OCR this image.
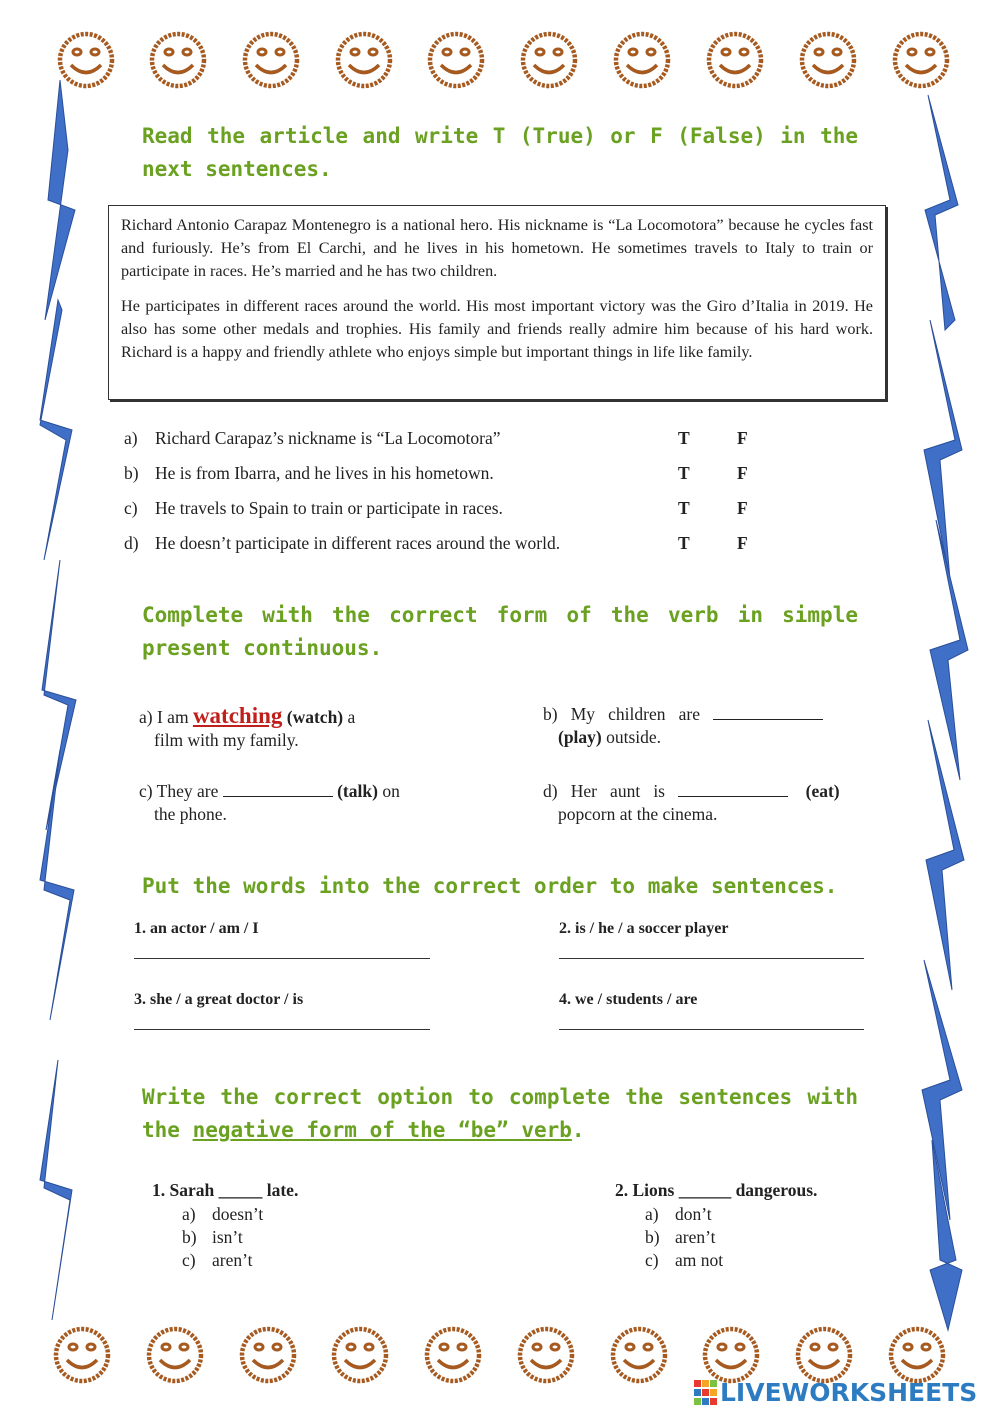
Read the article and write T (True) or F (False) in the next sentences.

Richard Antonio Carapaz Montenegro is a national hero. His nickname is “La Locomotora” because he cycles fast and furiously. He’s from El Carchi, and he lives in his hometown. He sometimes travels to Italy to train or participate in races. He’s married and he has two children.

He participates in different races around the world. His most important victory was the Giro d’Italia in 2019. He also has some other medals and trophies. His family and friends really admire him because of his hard work. Richard is a happy and friendly athlete who enjoys simple but important things in life like family.

a) Richard Carapaz’s nickname is “La Locomotora”	T	F
b) He is from Ibarra, and he lives in his hometown.	T	F
c) He travels to Spain to train or participate in races.	T	F
d) He doesn’t participate in different races around the world.	T	F
Complete with the correct form of the verb in simple present continuous.
a) I am watching (watch) a
film with my family.
b)   My   children   are
(play) outside.
c) They are	(talk) on
the phone.
d)   Her   aunt   is	(eat)
popcorn at the cinema.
Put the words into the correct order to make sentences.
1. an actor / am / I	2. is / he / a soccer player
3. she / a great doctor / is	4. we / students / are
Write the correct option to complete the sentences with the negative form of the “be” verb.
1. Sarah _____ late.
a) doesn’t
b) isn’t
c) aren’t
2. Lions ______ dangerous.
a) don’t
b) aren’t
c) am not
LIVEWORKSHEETS
